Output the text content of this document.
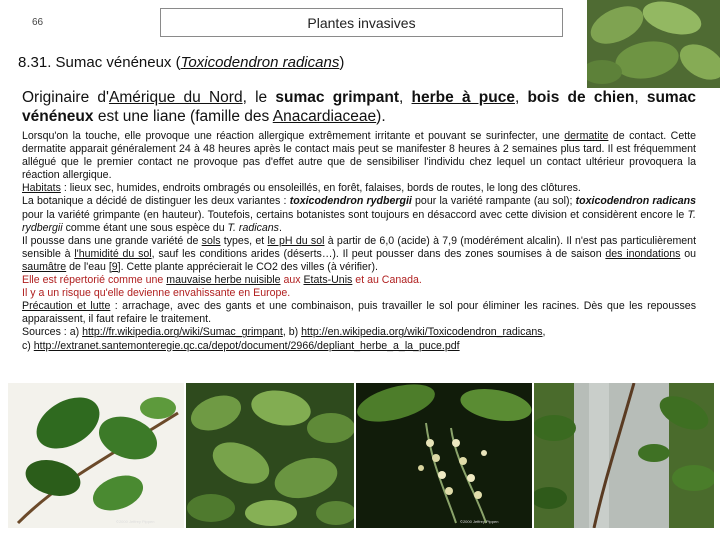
66	Plantes invasives
8.31. Sumac vénéneux (Toxicodendron radicans)
Originaire d'Amérique du Nord, le sumac grimpant, herbe à puce, bois de chien, sumac vénéneux est une liane (famille des Anacardiaceae).

Lorsqu'on la touche, elle provoque une réaction allergique extrêmement irritante et pouvant se surinfecter, une dermatite de contact. Cette dermatite apparait généralement 24 à 48 heures après le contact mais peut se manifester 8 heures à 2 semaines plus tard. Il est fréquemment allégué que le premier contact ne provoque pas d'effet autre que de sensibiliser l'individu chez lequel un contact ultérieur provoquera la réaction allergique.

Habitats : lieux sec, humides, endroits ombragés ou ensoleillés, en forêt, falaises, bords de routes, le long des clôtures.

La botanique a décidé de distinguer les deux variantes : toxicodendron rydbergii pour la variété rampante (au sol); toxicodendron radicans pour la variété grimpante (en hauteur). Toutefois, certains botanistes sont toujours en désaccord avec cette division et considèrent encore le T. rydbergii comme étant une sous espèce du T. radicans.

Il pousse dans une grande variété de sols types, et le pH du sol à partir de 6,0 (acide) à 7,9 (modérément alcalin). Il n'est pas particulièrement sensible à l'humidité du sol, sauf les conditions arides (déserts…). Il peut pousser dans des zones soumises à de saison des inondations ou saumâtre de l'eau [9]. Cette plante apprécierait le CO2 des villes (à vérifier).

Elle est répertorié comme une mauvaise herbe nuisible aux Etats-Unis et au Canada.

Il y a un risque qu'elle devienne envahissante en Europe.

Précaution et lutte : arrachage, avec des gants et une combinaison, puis travailler le sol pour éliminer les racines. Dès que les repousses apparaissent, il faut refaire le traitement.

Sources : a) http://fr.wikipedia.org/wiki/Sumac_grimpant, b) http://en.wikipedia.org/wiki/Toxicodendron_radicans,

c) http://extranet.santemonteregie.qc.ca/depot/document/2966/depliant_herbe_a_la_puce.pdf

©2000 Jeffrey Pippen	©2000 Jeffrey Pippen
